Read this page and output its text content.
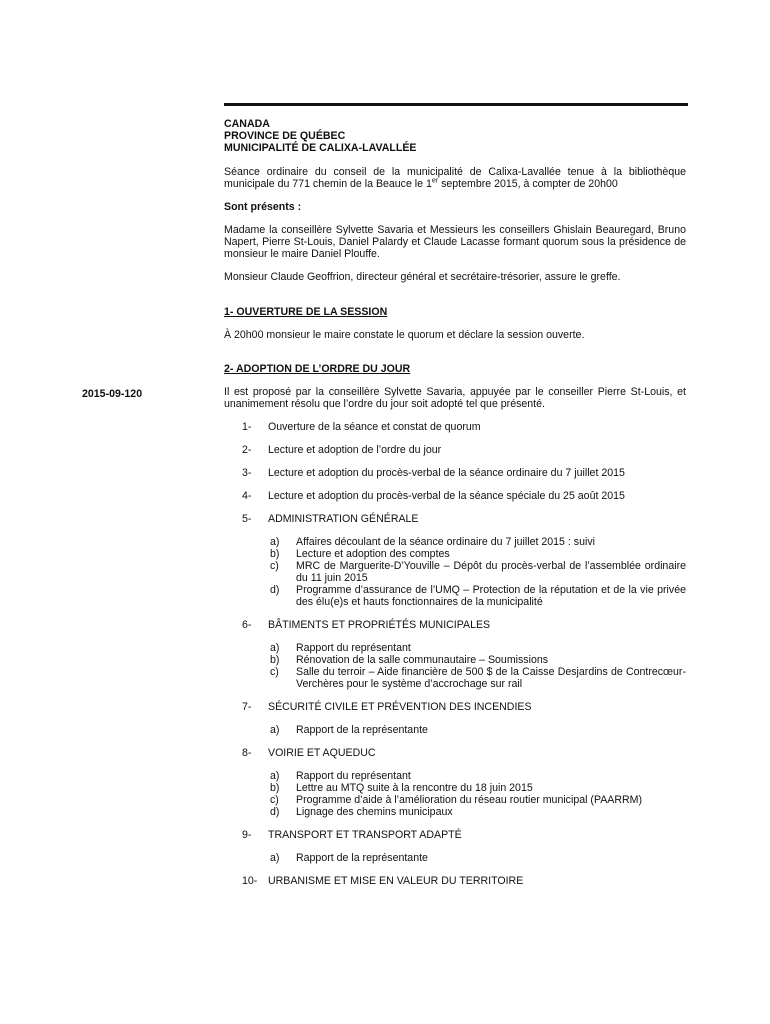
CANADA
PROVINCE DE QUÉBEC
MUNICIPALITÉ DE CALIXA-LAVALLÉE

Séance ordinaire du conseil de la municipalité de Calixa-Lavallée tenue à la bibliothèque municipale du 771 chemin de la Beauce le 1er septembre 2015, à compter de 20h00

Sont présents :

Madame la conseillère Sylvette Savaria et Messieurs les conseillers Ghislain Beauregard, Bruno Napert, Pierre St-Louis, Daniel Palardy et Claude Lacasse formant quorum sous la présidence de monsieur le maire Daniel Plouffe.

Monsieur Claude Geoffrion, directeur général et secrétaire-trésorier, assure le greffe.

1- OUVERTURE DE LA SESSION

À 20h00 monsieur le maire constate le quorum et déclare la session ouverte.

2- ADOPTION DE L’ORDRE DU JOUR

Il est proposé par la conseillère Sylvette Savaria, appuyée par le conseiller Pierre St-Louis, et unanimement résolu que l’ordre du jour soit adopté tel que présenté.

1-	Ouverture de la séance et constat de quorum
2-	Lecture et adoption de l’ordre du jour
3-	Lecture et adoption du procès-verbal de la séance ordinaire du 7 juillet 2015
4-	Lecture et adoption du procès-verbal de la séance spéciale du 25 août 2015
5-	ADMINISTRATION GÉNÉRALE
a)	Affaires découlant de la séance ordinaire du 7 juillet 2015 : suivi
b)	Lecture et adoption des comptes
c)	MRC de Marguerite-D’Youville – Dépôt du procès-verbal de l’assemblée ordinaire du 11 juin 2015
d)	Programme d’assurance de l’UMQ – Protection de la réputation et de la vie privée des élu(e)s et hauts fonctionnaires de la municipalité
6-	BÂTIMENTS ET PROPRIÉTÉS MUNICIPALES
a)	Rapport du représentant
b)	Rénovation de la salle communautaire – Soumissions
c)	Salle du terroir – Aide financière de 500 $ de la Caisse Desjardins de Contrecœur-Verchères pour le système d’accrochage sur rail
7-	SÉCURITÉ CIVILE ET PRÉVENTION DES INCENDIES
a)	Rapport de la représentante
8-	VOIRIE ET AQUEDUC
a)	Rapport du représentant
b)	Lettre au MTQ suite à la rencontre du 18 juin 2015
c)	Programme d’aide à l’amélioration du réseau routier municipal (PAARRM)
d)	Lignage des chemins municipaux
9-	TRANSPORT ET TRANSPORT ADAPTÉ
a)	Rapport de la représentante
10-	URBANISME ET MISE EN VALEUR DU TERRITOIRE
2015-09-120
